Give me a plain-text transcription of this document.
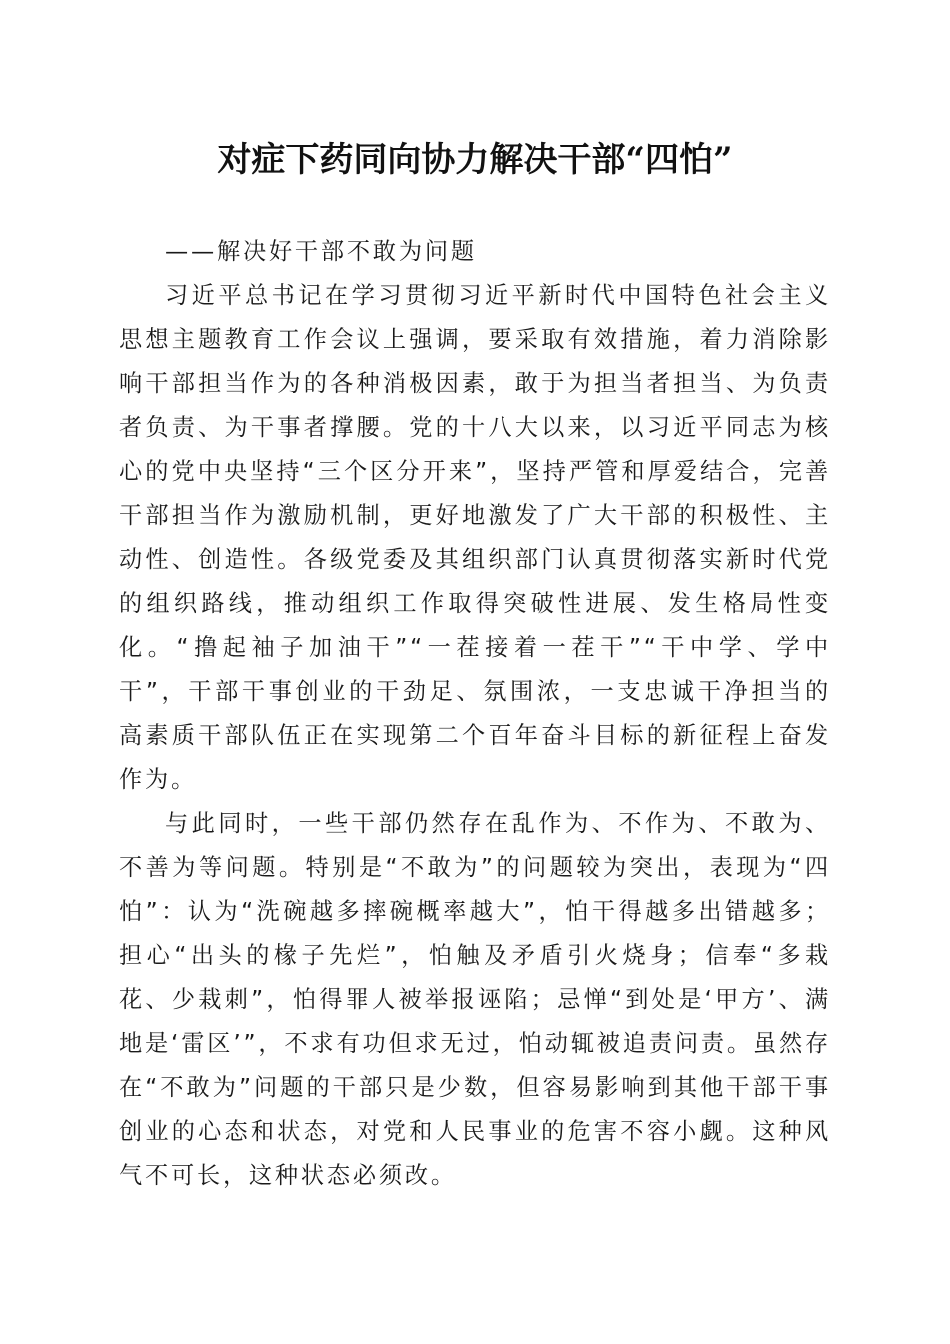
对症下药同向协力解决干部“四怕”

——解决好干部不敢为问题

习近平总书记在学习贯彻习近平新时代中国特色社会主义思想主题教育工作会议上强调，要采取有效措施，着力消除影响干部担当作为的各种消极因素，敢于为担当者担当、为负责者负责、为干事者撑腰。党的十八大以来，以习近平同志为核心的党中央坚持“三个区分开来”，坚持严管和厚爱结合，完善干部担当作为激励机制，更好地激发了广大干部的积极性、主动性、创造性。各级党委及其组织部门认真贯彻落实新时代党的组织路线，推动组织工作取得突破性进展、发生格局性变化。“撸起袖子加油干”“一茬接着一茬干”“干中学、学中干”，干部干事创业的干劲足、氛围浓，一支忠诚干净担当的高素质干部队伍正在实现第二个百年奋斗目标的新征程上奋发作为。

与此同时，一些干部仍然存在乱作为、不作为、不敢为、不善为等问题。特别是“不敢为”的问题较为突出，表现为“四怕”：认为“洗碗越多摔碗概率越大”，怕干得越多出错越多；担心“出头的椽子先烂”，怕触及矛盾引火烧身；信奉“多栽花、少栽刺”，怕得罪人被举报诬陷；忌惮“到处是‘甲方’、满地是‘雷区’”，不求有功但求无过，怕动辄被追责问责。虽然存在“不敢为”问题的干部只是少数，但容易影响到其他干部干事创业的心态和状态，对党和人民事业的危害不容小觑。这种风气不可长，这种状态必须改。
